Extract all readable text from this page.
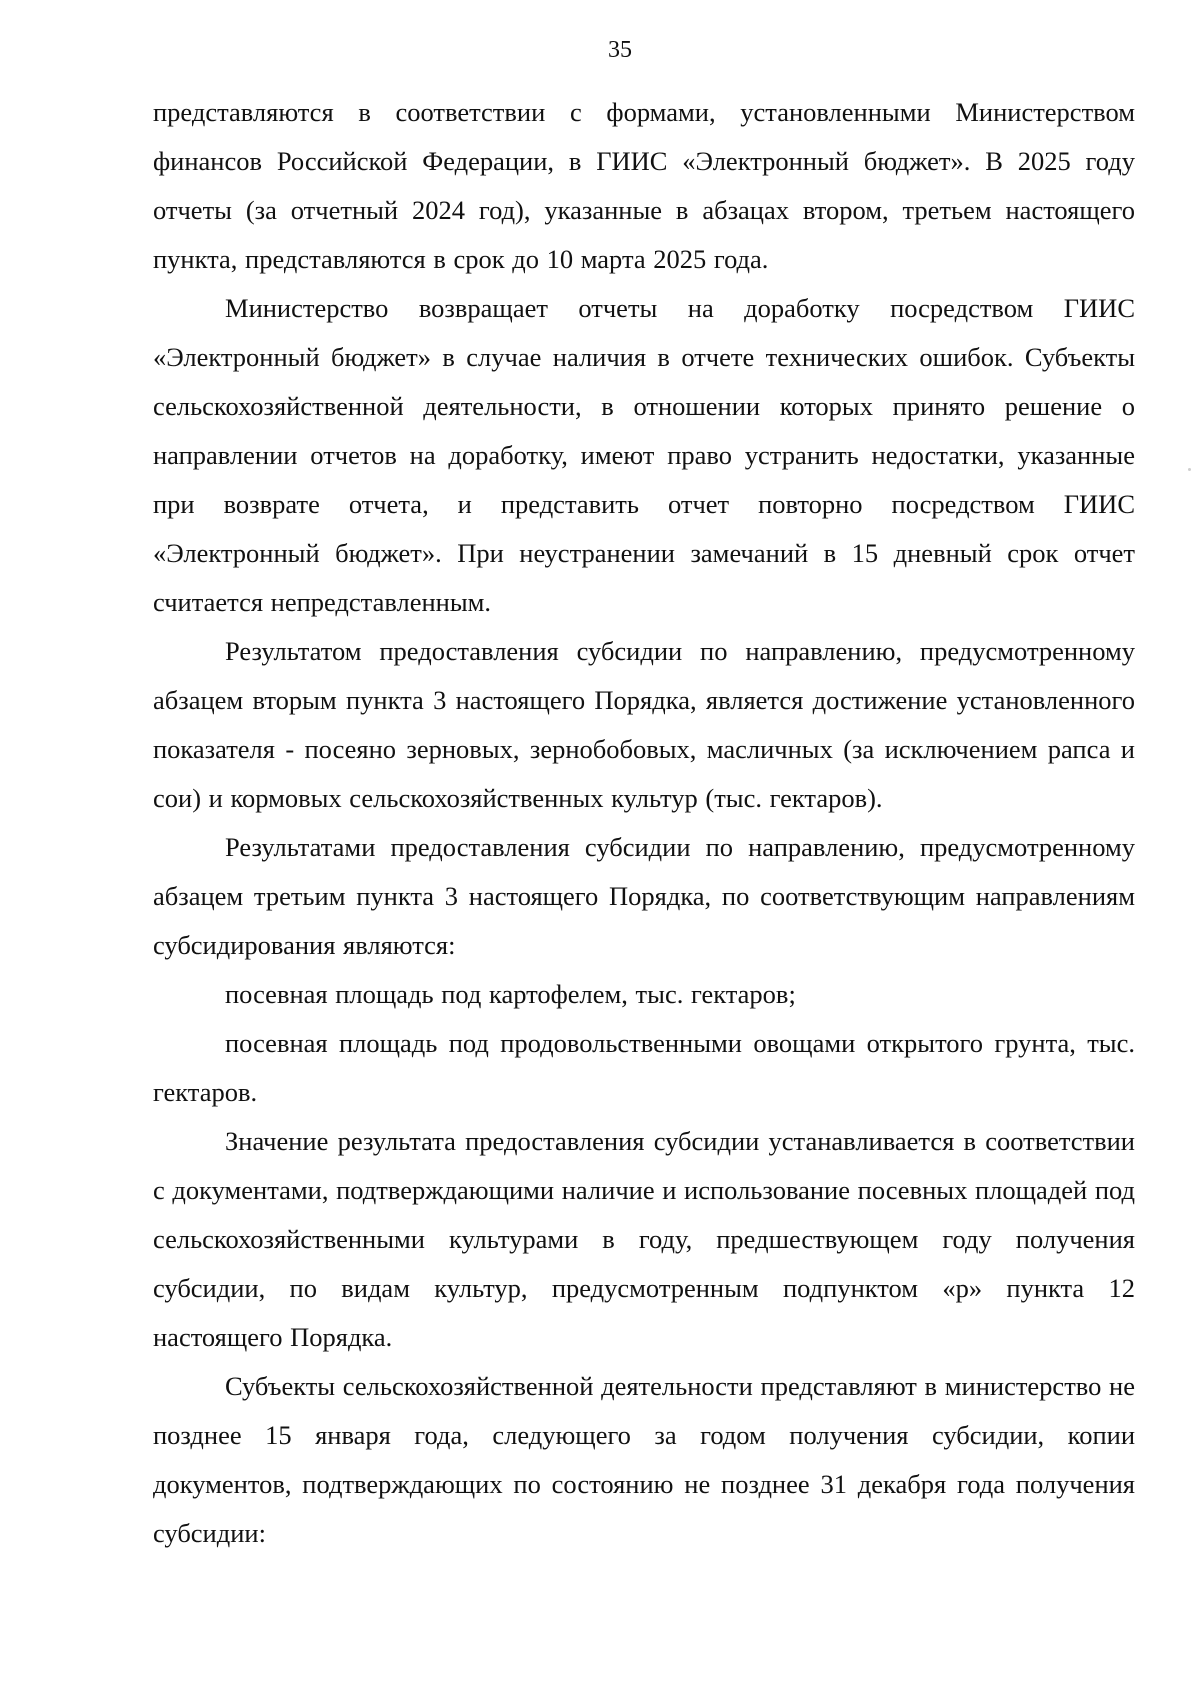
35

представляются в соответствии с формами, установленными Министерством финансов Российской Федерации, в ГИИС «Электронный бюджет». В 2025 году отчеты (за отчетный 2024 год), указанные в абзацах втором, третьем настоящего пункта, представляются в срок до 10 марта 2025 года.

Министерство возвращает отчеты на доработку посредством ГИИС «Электронный бюджет» в случае наличия в отчете технических ошибок. Субъекты сельскохозяйственной деятельности, в отношении которых принято решение о направлении отчетов на доработку, имеют право устранить недостатки, указанные при возврате отчета, и представить отчет повторно посредством ГИИС «Электронный бюджет». При неустранении замечаний в 15 дневный срок отчет считается непредставленным.

Результатом предоставления субсидии по направлению, предусмотренному абзацем вторым пункта 3 настоящего Порядка, является достижение установленного показателя - посеяно зерновых, зернобобовых, масличных (за исключением рапса и сои) и кормовых сельскохозяйственных культур (тыс. гектаров).

Результатами предоставления субсидии по направлению, предусмотренному абзацем третьим пункта 3 настоящего Порядка, по соответствующим направлениям субсидирования являются:

посевная площадь под картофелем, тыс. гектаров;

посевная площадь под продовольственными овощами открытого грунта, тыс. гектаров.

Значение результата предоставления субсидии устанавливается в соответствии с документами, подтверждающими наличие и использование посевных площадей под сельскохозяйственными культурами в году, предшествующем году получения субсидии, по видам культур, предусмотренным подпунктом «р» пункта 12 настоящего Порядка.

Субъекты сельскохозяйственной деятельности представляют в министерство не позднее 15 января года, следующего за годом получения субсидии, копии документов, подтверждающих по состоянию не позднее 31 декабря года получения субсидии:
